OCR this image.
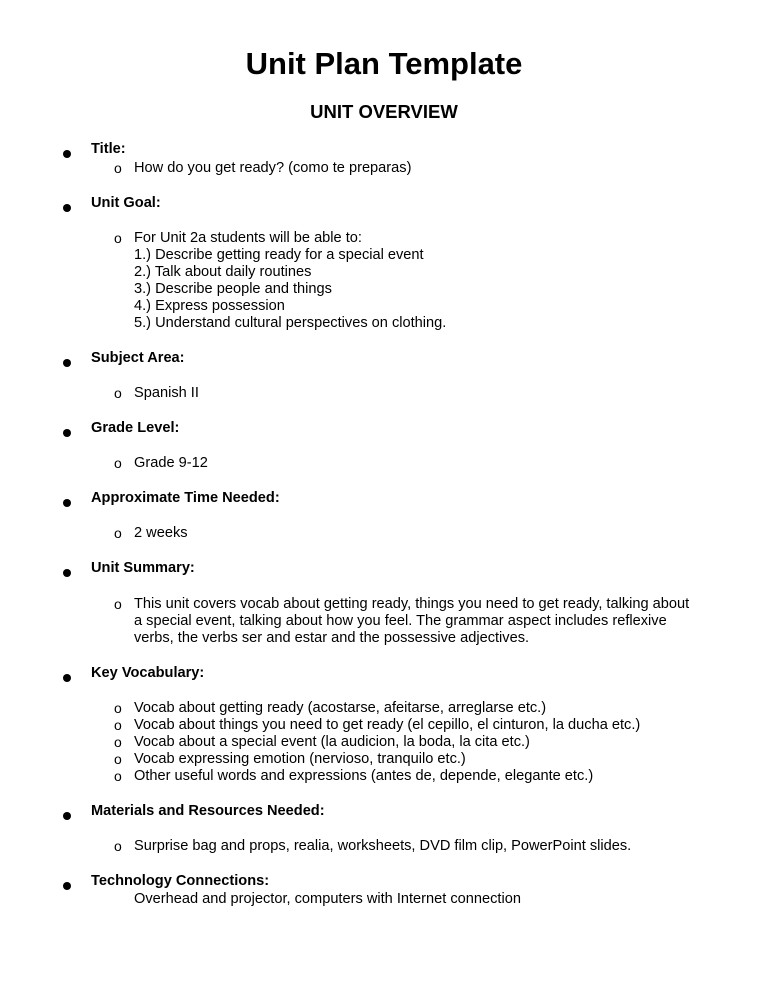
Unit Plan Template
UNIT OVERVIEW
Title:
o How do you get ready? (como te preparas)
Unit Goal:
o For Unit 2a students will be able to:
1.) Describe getting ready for a special event
2.) Talk about daily routines
3.) Describe people and things
4.) Express possession
5.) Understand cultural perspectives on clothing.
Subject Area:
o Spanish II
Grade Level:
o Grade 9-12
Approximate Time Needed:
o 2 weeks
Unit Summary:
o This unit covers vocab about getting ready, things you need to get ready, talking about
a special event, talking about how you feel. The grammar aspect includes reflexive
verbs, the verbs ser and estar and the possessive adjectives.
Key Vocabulary:
o Vocab about getting ready (acostarse, afeitarse, arreglarse etc.)
o Vocab about things you need to get ready (el cepillo, el cinturon, la ducha etc.)
o Vocab about a special event (la audicion, la boda, la cita etc.)
o Vocab expressing emotion (nervioso, tranquilo etc.)
o Other useful words and expressions (antes de, depende, elegante etc.)
Materials and Resources Needed:
o Surprise bag and props, realia, worksheets, DVD film clip, PowerPoint slides.
Technology Connections:
Overhead and projector, computers with Internet connection
